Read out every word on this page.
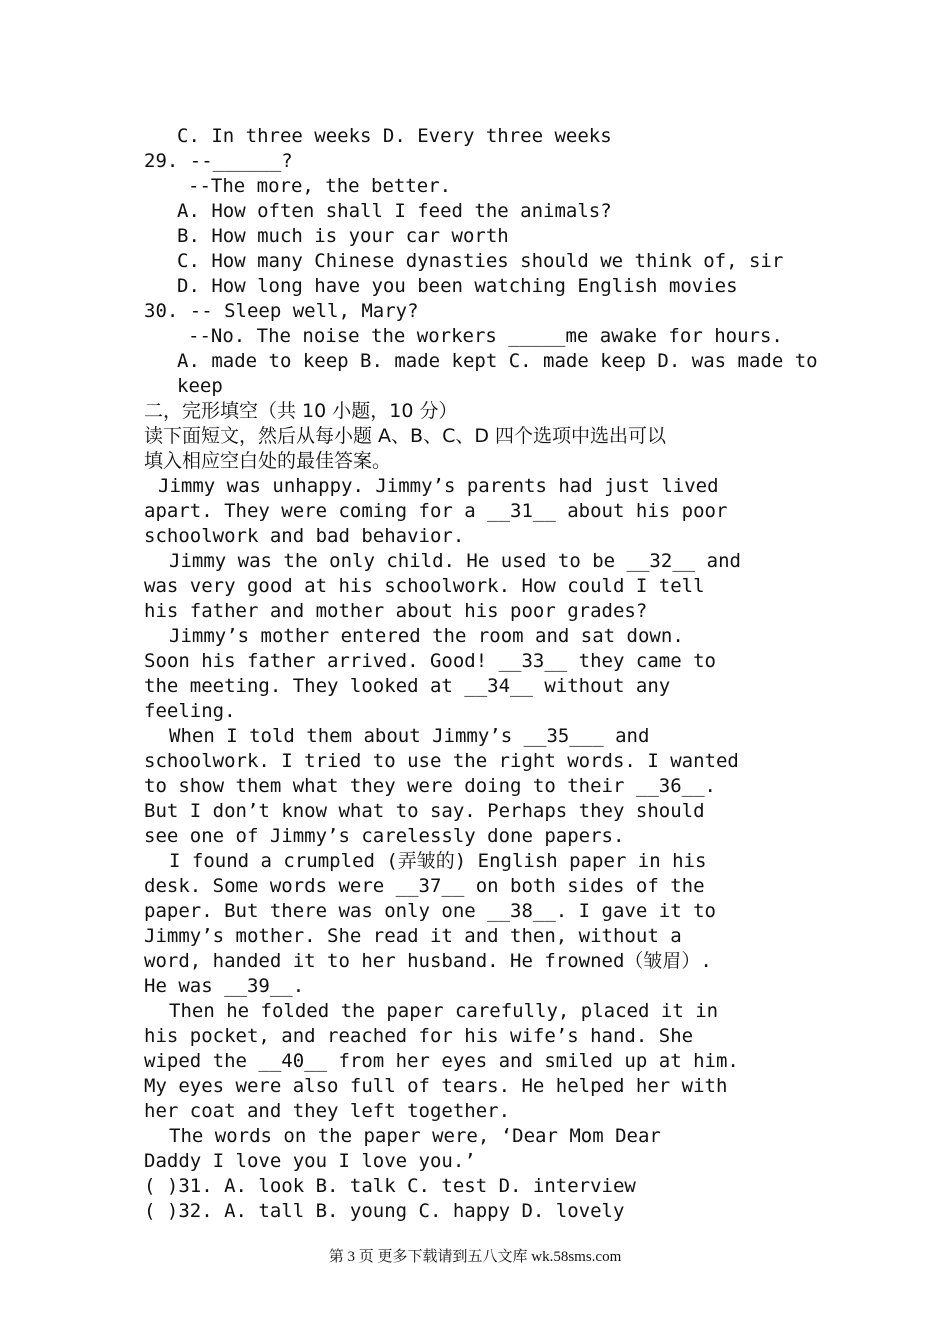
C. In three weeks D. Every three weeks
29. --______?
--The more, the better.
A. How often shall I feed the animals?
B. How much is your car worth
C. How many Chinese dynasties should we think of, sir
D. How long have you been watching English movies
30. -- Sleep well, Mary?
--No. The noise the workers _____me awake for hours.
A. made to keep B. made kept C. made keep D. was made to
keep
二，完形填空（共 10 小题，10 分）
读下面短文，然后从每小题 A、B、C、D 四个选项中选出可以
填入相应空白处的最佳答案。
Jimmy was unhappy. Jimmy’s parents had just lived
apart. They were coming for a __31__ about his poor
schoolwork and bad behavior.
Jimmy was the only child. He used to be __32__ and
was very good at his schoolwork. How could I tell
his father and mother about his poor grades?
Jimmy’s mother entered the room and sat down.
Soon his father arrived. Good! __33__ they came to
the meeting. They looked at __34__ without any
feeling.
When I told them about Jimmy’s __35___ and
schoolwork. I tried to use the right words. I wanted
to show them what they were doing to their __36__.
But I don’t know what to say. Perhaps they should
see one of Jimmy’s carelessly done papers.
I found a crumpled (弄皱的) English paper in his
desk. Some words were __37__ on both sides of the
paper. But there was only one __38__. I gave it to
Jimmy’s mother. She read it and then, without a
word, handed it to her husband. He frowned（皱眉）.
He was __39__.
Then he folded the paper carefully, placed it in
his pocket, and reached for his wife’s hand. She
wiped the __40__ from her eyes and smiled up at him.
My eyes were also full of tears. He helped her with
her coat and they left together.
The words on the paper were, ‘Dear Mom Dear
Daddy I love you I love you.’
( )31. A. look B. talk C. test D. interview
( )32. A. tall B. young C. happy D. lovely
第 3 页 更多下载请到五八文库 wk.58sms.com
